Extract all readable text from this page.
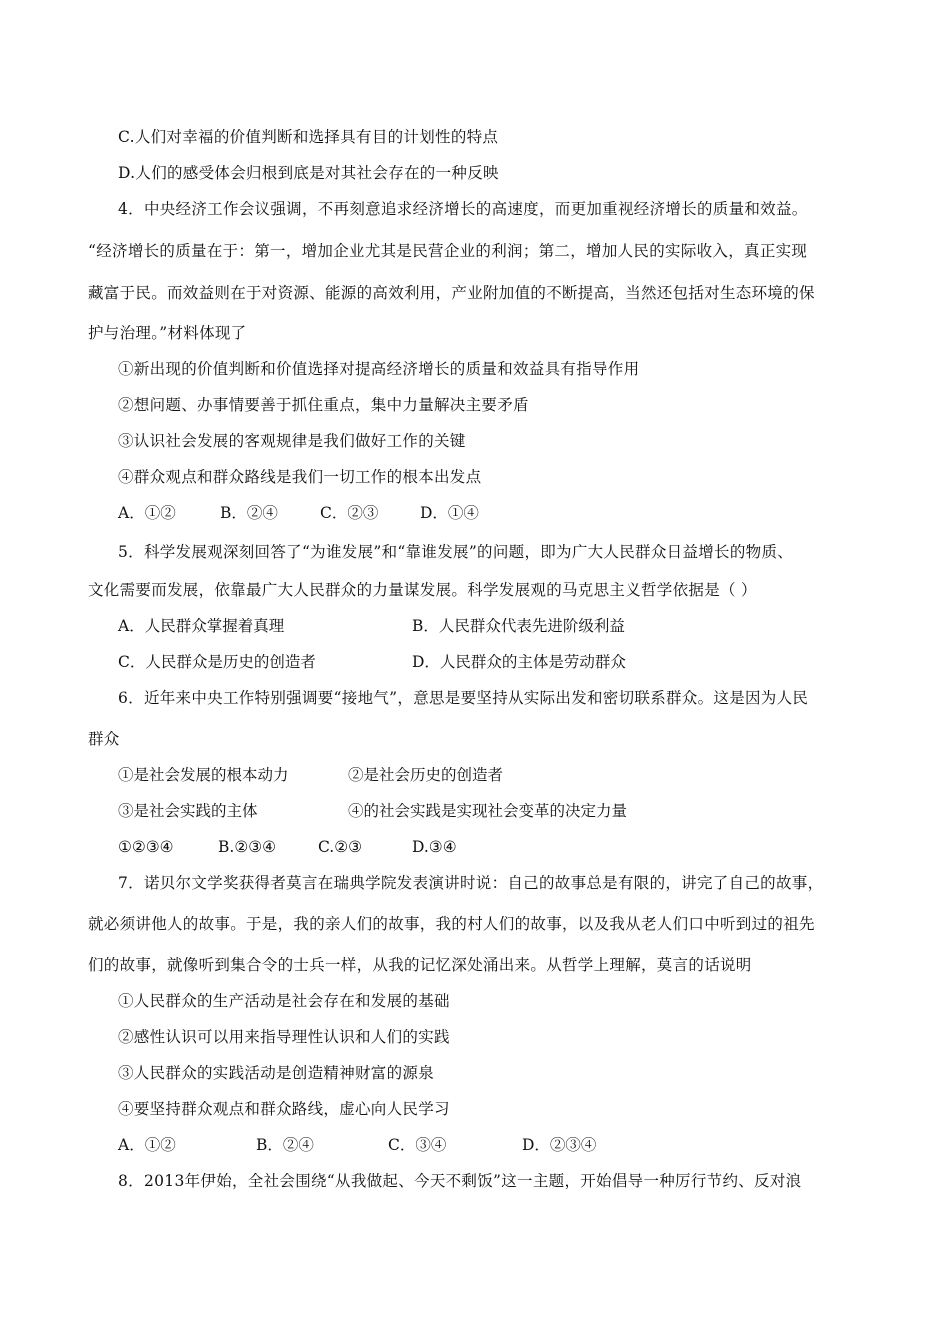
C.人们对幸福的价值判断和选择具有目的计划性的特点
D.人们的感受体会归根到底是对其社会存在的一种反映
4．中央经济工作会议强调，不再刻意追求经济增长的高速度，而更加重视经济增长的质量和效益。
“经济增长的质量在于：第一，增加企业尤其是民营企业的利润；第二，增加人民的实际收入，真正实现
藏富于民。而效益则在于对资源、能源的高效利用，产业附加值的不断提高，当然还包括对生态环境的保
护与治理。”材料体现了
①新出现的价值判断和价值选择对提高经济增长的质量和效益具有指导作用
②想问题、办事情要善于抓住重点，集中力量解决主要矛盾
③认识社会发展的客观规律是我们做好工作的关键
④群众观点和群众路线是我们一切工作的根本出发点
A．①②	B．②④	C．②③	D．①④
5．科学发展观深刻回答了“为谁发展”和“靠谁发展”的问题，即为广大人民群众日益增长的物质、
文化需要而发展，依靠最广大人民群众的力量谋发展。科学发展观的马克思主义哲学依据是（ ）
A．人民群众掌握着真理	B．人民群众代表先进阶级利益
C．人民群众是历史的创造者	D．人民群众的主体是劳动群众
6．近年来中央工作特别强调要“接地气”，意思是要坚持从实际出发和密切联系群众。这是因为人民
群众
①是社会发展的根本动力	②是社会历史的创造者
③是社会实践的主体	④的社会实践是实现社会变革的决定力量
①②③④	B.②③④	C.②③	D.③④
7．诺贝尔文学奖获得者莫言在瑞典学院发表演讲时说：自己的故事总是有限的，讲完了自己的故事，
就必须讲他人的故事。于是，我的亲人们的故事，我的村人们的故事，以及我从老人们口中听到过的祖先
们的故事，就像听到集合令的士兵一样，从我的记忆深处涌出来。从哲学上理解，莫言的话说明
①人民群众的生产活动是社会存在和发展的基础
②感性认识可以用来指导理性认识和人们的实践
③人民群众的实践活动是创造精神财富的源泉
④要坚持群众观点和群众路线，虚心向人民学习
A．①②	B．②④	C．③④	D．②③④
8．2013年伊始，全社会围绕“从我做起、今天不剩饭”这一主题，开始倡导一种厉行节约、反对浪
